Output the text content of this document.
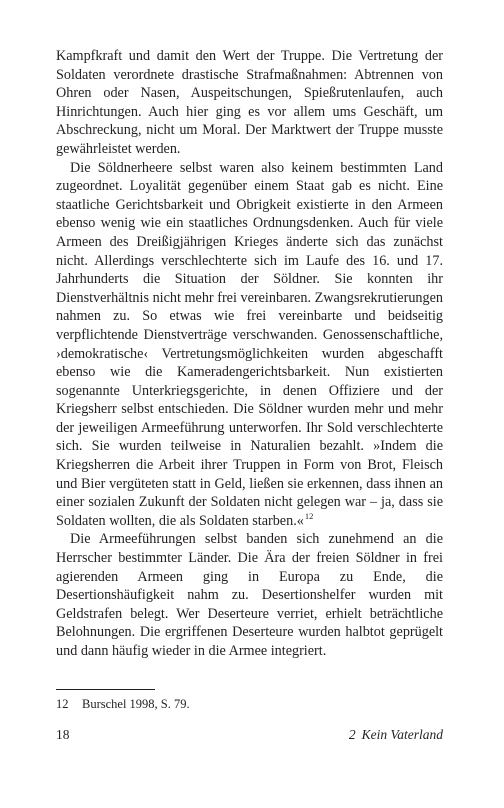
Kampfkraft und damit den Wert der Truppe. Die Vertretung der Soldaten verordnete drastische Strafmaßnahmen: Abtrennen von Ohren oder Nasen, Auspeitschungen, Spießrutenlaufen, auch Hinrichtungen. Auch hier ging es vor allem ums Geschäft, um Abschreckung, nicht um Moral. Der Marktwert der Truppe musste gewährleistet werden.

Die Söldnerheere selbst waren also keinem bestimmten Land zugeordnet. Loyalität gegenüber einem Staat gab es nicht. Eine staatliche Gerichtsbarkeit und Obrigkeit existierte in den Armeen ebenso wenig wie ein staatliches Ordnungsdenken. Auch für viele Armeen des Dreißigjährigen Krieges änderte sich das zunächst nicht. Allerdings verschlechterte sich im Laufe des 16. und 17. Jahrhunderts die Situation der Söldner. Sie konnten ihr Dienstverhältnis nicht mehr frei vereinbaren. Zwangsrekrutierungen nahmen zu. So etwas wie frei vereinbarte und beidseitig verpflichtende Dienstverträge verschwanden. Genossenschaftliche, ›demokratische‹ Vertretungsmöglichkeiten wurden abgeschafft ebenso wie die Kameradengerichtsbarkeit. Nun existierten sogenannte Unterkriegsgerichte, in denen Offiziere und der Kriegsherr selbst entschieden. Die Söldner wurden mehr und mehr der jeweiligen Armeeführung unterworfen. Ihr Sold verschlechterte sich. Sie wurden teilweise in Naturalien bezahlt. »Indem die Kriegsherren die Arbeit ihrer Truppen in Form von Brot, Fleisch und Bier vergüteten statt in Geld, ließen sie erkennen, dass ihnen an einer sozialen Zukunft der Soldaten nicht gelegen war – ja, dass sie Soldaten wollten, die als Soldaten starben.«$^{12}$

Die Armeeführungen selbst banden sich zunehmend an die Herrscher bestimmter Länder. Die Ära der freien Söldner in frei agierenden Armeen ging in Europa zu Ende, die Desertionshäufigkeit nahm zu. Desertionshelfer wurden mit Geldstrafen belegt. Wer Deserteure verriet, erhielt beträchtliche Belohnungen. Die ergriffenen Deserteure wurden halbtot geprügelt und dann häufig wieder in die Armee integriert.

12 Burschel 1998, S. 79.
18	2 Kein Vaterland
